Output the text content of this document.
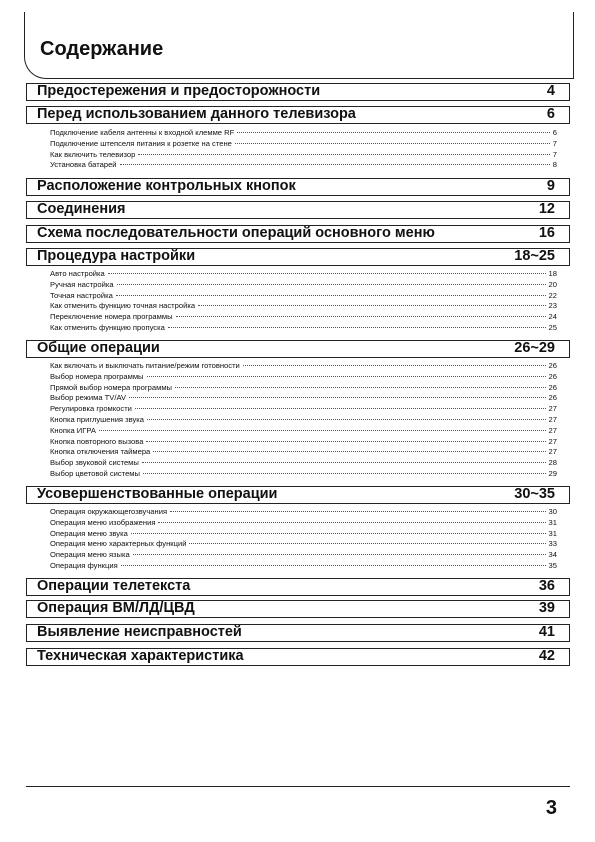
Содержание
Предостережения и предосторожности	4
Перед использованием данного телевизора	6
Подключение кабеля антенны к входной клемме RF	6
Подключение штепселя питания к розетке на стене	7
Как включить телевизор	7
Установка батарей	8
Расположение контрольных кнопок	9
Соединения	12
Схема последовательности операций основного меню	16
Процедура настройки	18~25
Авто настройка	18
Ручная настройка	20
Точная настройка	22
Как отменить функцию точная настройка	23
Переключение номера программы	24
Как отменить функцию пропуска	25
Общие операции	26~29
Как включать и выключать питание/режим готовности	26
Выбор номера программы	26
Прямой выбор номера программы	26
Выбор режима TV/AV	26
Регулировка громкости	27
Кнопка приглушения звука	27
Кнопка ИГРА	27
Кнопка повторного вызова	27
Кнопка отключения таймера	27
Выбор звуковой системы	28
Выбор цветовой системы	29
Усовершенствованные операции	30~35
Операция окружающегозвучания	30
Операция меню изображения	31
Операция меню звука	31
Операция меню характерных функций	33
Операция меню языка	34
Операция функция	35
Операции телетекста	36
Операция ВМ/ЛД/ЦВД	39
Выявление неисправностей	41
Техническая характеристика	42
3
